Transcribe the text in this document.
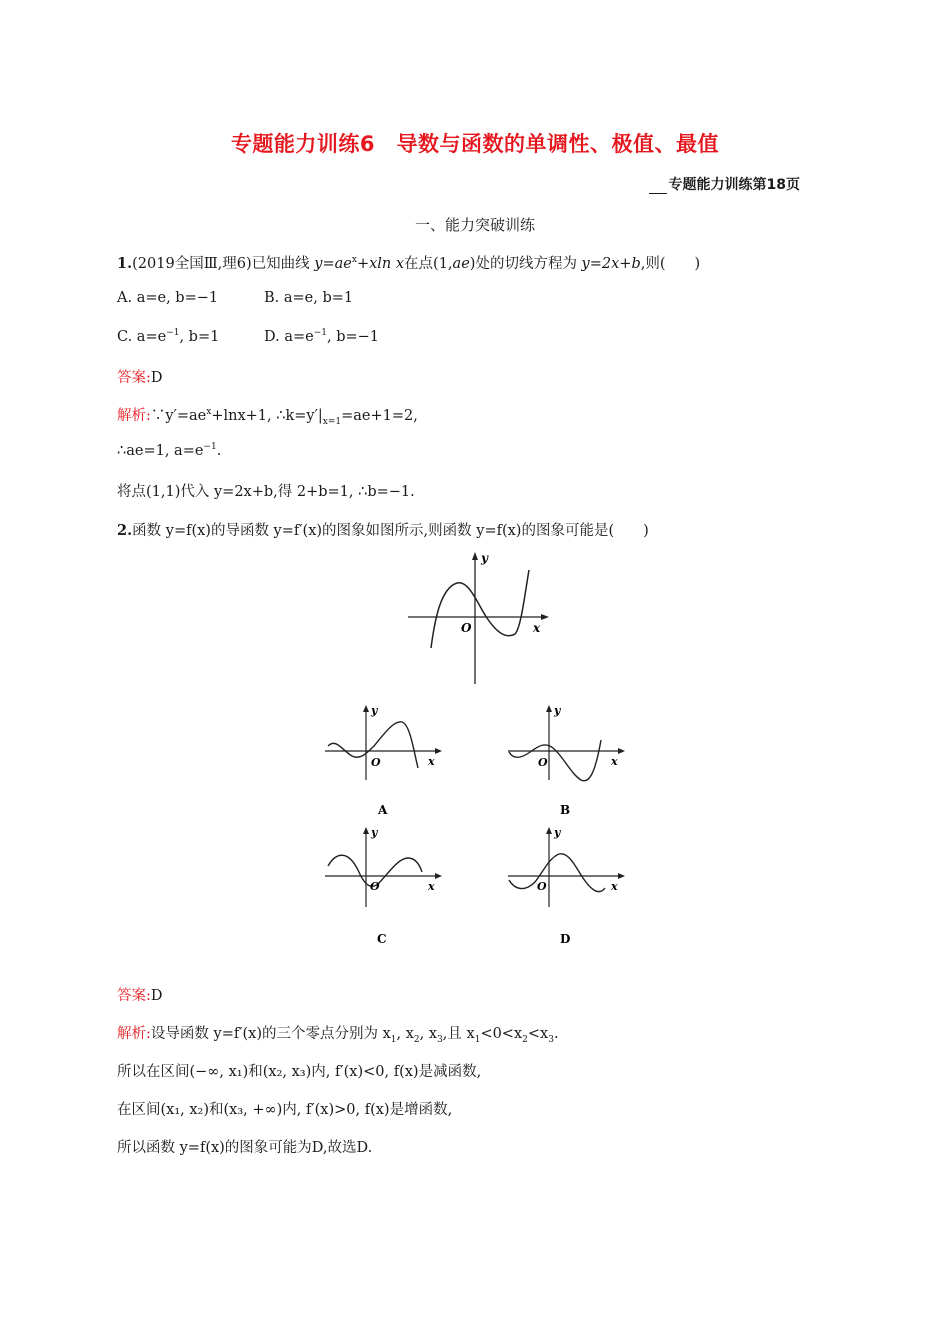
专题能力训练6　导数与函数的单调性、极值、最值
专题能力训练第18页
一、能力突破训练
1.(2019全国Ⅲ,理6)已知曲线 $y=ae^x+xln$ x在点(1,ae)处的切线方程为 y=2x+b,则(　　)
A. a=e, b=−1	B. a=e, b=1
C. $a=e^{-1}$, b=1	D. $a=e^{-1}$, b=−1
答案:D
解析$:\because y'=ae^x+\ln x+1$, $\therefore k=y'|_{x=1}=ae+1=2$,
∴ae=1, $a=e^{-1}$.
将点(1,1)代入 y=2x+b,得 2+b=1, ∴b=−1.
2.函数 y=f(x)的导函数 y=f′(x)的图象如图所示,则函数 y=f(x)的图象可能是(　　)
y
x
O
y
x
O
A
y
x
O
B
y
x
O
C
y
x
O
D
答案:D
解析:设导函数 y=f′(x)的三个零点分别为 $x_1$, $x_2$, $x_3$,且 $x_1<0<x_2<x_3$.
所以在区间(−∞, x₁)和(x₂, x₃)内, f′(x)<0, f(x)是减函数,
在区间(x₁, x₂)和(x₃, +∞)内, f′(x)>0, f(x)是增函数,
所以函数 y=f(x)的图象可能为D,故选D.
